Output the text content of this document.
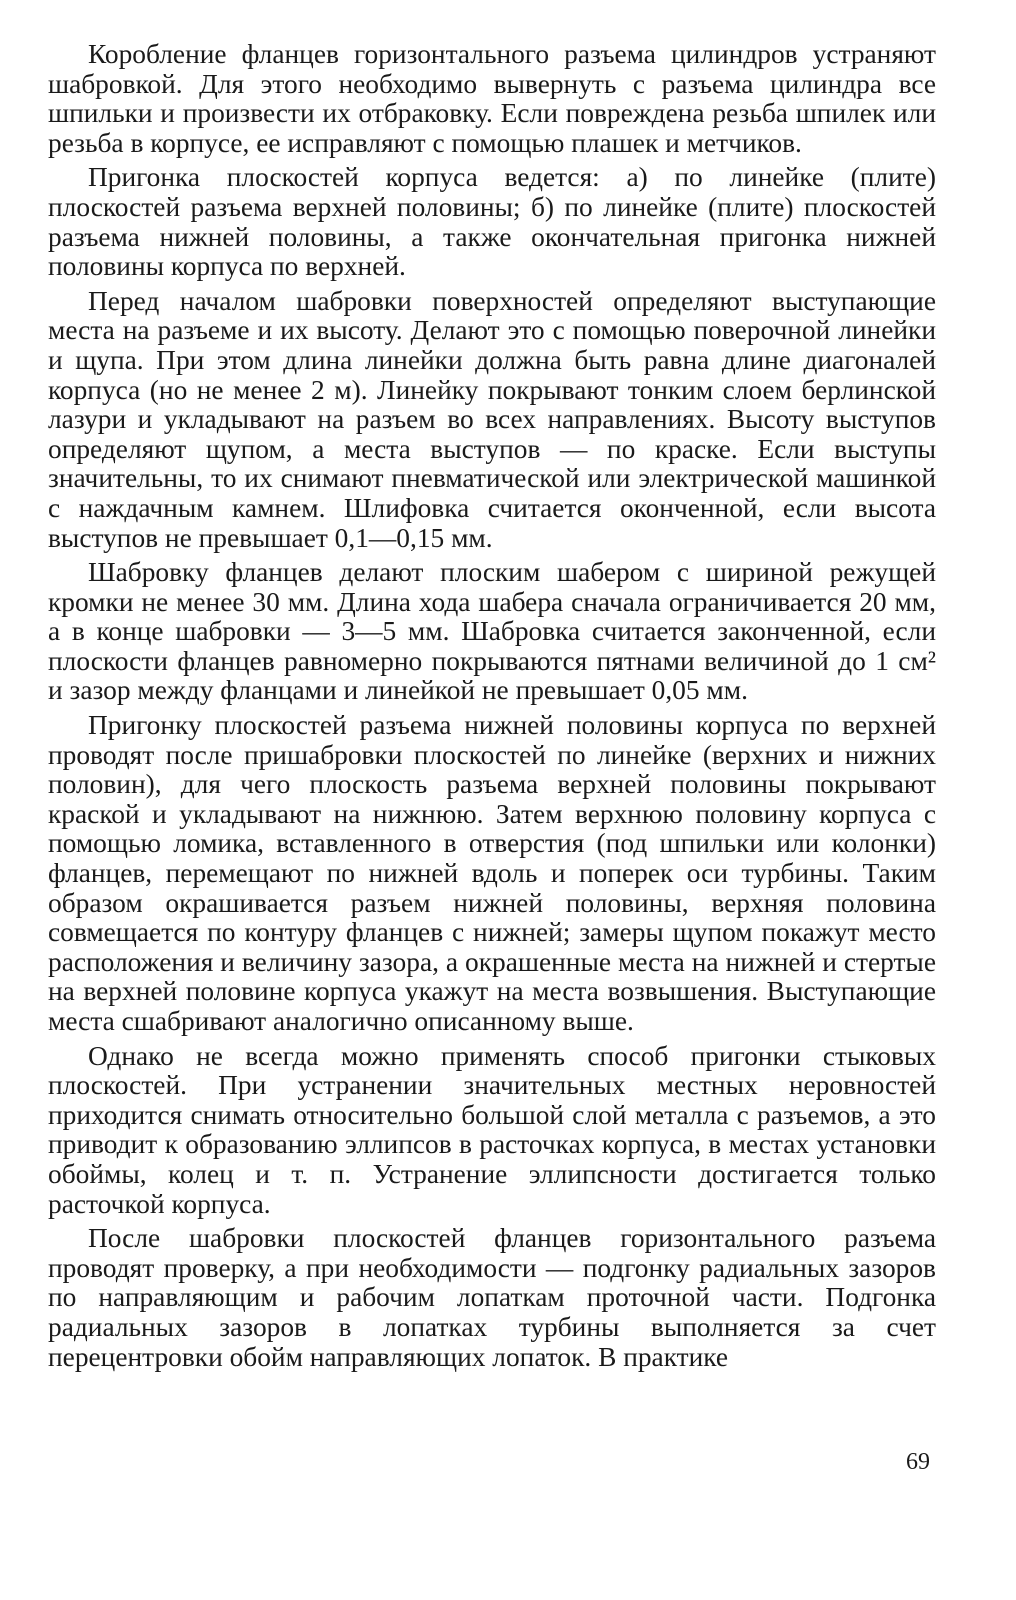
Коробление фланцев горизонтального разъема цилиндров устраняют шабровкой. Для этого необходимо вывернуть с разъема цилиндра все шпильки и произвести их отбраковку. Если повреждена резьба шпилек или резьба в корпусе, ее исправляют с помощью плашек и метчиков.

Пригонка плоскостей корпуса ведется: а) по линейке (плите) плоскостей разъема верхней половины; б) по линейке (плите) плоскостей разъема нижней половины, а также окончательная пригонка нижней половины корпуса по верхней.

Перед началом шабровки поверхностей определяют выступающие места на разъеме и их высоту. Делают это с помощью поверочной линейки и щупа. При этом длина линейки должна быть равна длине диагоналей корпуса (но не менее 2 м). Линейку покрывают тонким слоем берлинской лазури и укладывают на разъем во всех направлениях. Высоту выступов определяют щупом, а места выступов — по краске. Если выступы значительны, то их снимают пневматической или электрической машинкой с наждачным камнем. Шлифовка считается оконченной, если высота выступов не превышает 0,1—0,15 мм.

Шабровку фланцев делают плоским шабером с шириной режущей кромки не менее 30 мм. Длина хода шабера сначала ограничивается 20 мм, а в конце шабровки — 3—5 мм. Шабровка считается законченной, если плоскости фланцев равномерно покрываются пятнами величиной до 1 см² и зазор между фланцами и линейкой не превышает 0,05 мм.

Пригонку плоскостей разъема нижней половины корпуса по верхней проводят после пришабровки плоскостей по линейке (верхних и нижних половин), для чего плоскость разъема верхней половины покрывают краской и укладывают на нижнюю. Затем верхнюю половину корпуса с помощью ломика, вставленного в отверстия (под шпильки или колонки) фланцев, перемещают по нижней вдоль и поперек оси турбины. Таким образом окрашивается разъем нижней половины, верхняя половина совмещается по контуру фланцев с нижней; замеры щупом покажут место расположения и величину зазора, а окрашенные места на нижней и стертые на верхней половине корпуса укажут на места возвышения. Выступающие места сшабривают аналогично описанному выше.

Однако не всегда можно применять способ пригонки стыковых плоскостей. При устранении значительных местных неровностей приходится снимать относительно большой слой металла с разъемов, а это приводит к образованию эллипсов в расточках корпуса, в местах установки обоймы, колец и т. п. Устранение эллипсности достигается только расточкой корпуса.

После шабровки плоскостей фланцев горизонтального разъема проводят проверку, а при необходимости — подгонку радиальных зазоров по направляющим и рабочим лопаткам проточной части. Подгонка радиальных зазоров в лопатках турбины выполняется за счет перецентровки обойм направляющих лопаток. В практике

69
